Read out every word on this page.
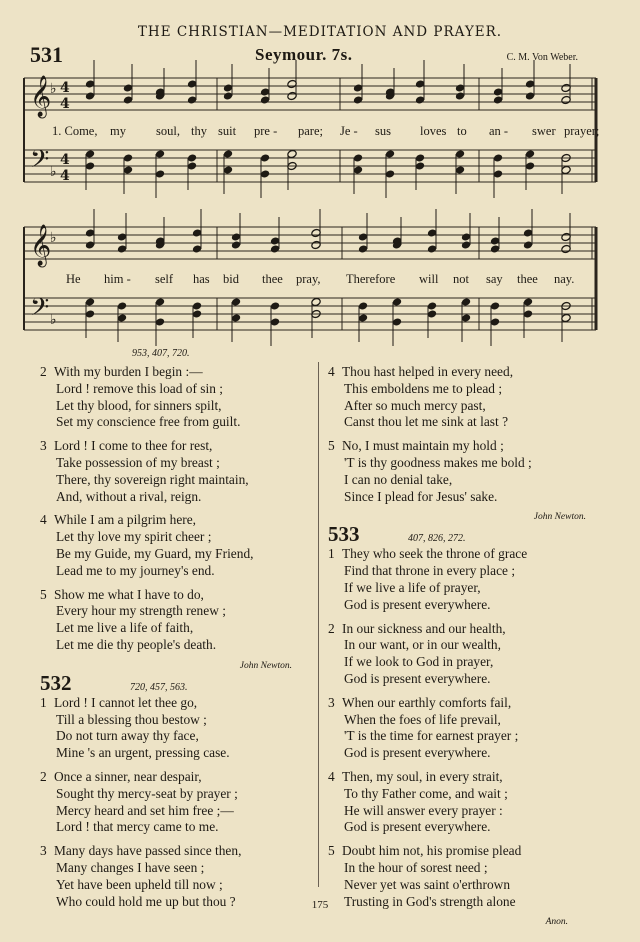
THE CHRISTIAN—MEDITATION AND PRAYER.
531	Seymour. 7s.	C. M. Von Weber.
𝄞
𝄢
♭
♭
𝄞
𝄢
♭
♭
4
4
4
4
1. Come, my soul, thy suit pre - pare; Je - sus loves to an - swer prayer;
He him - self has bid thee pray, Therefore will not say thee nay.
953, 407, 720.
2 With my burden I begin :—
Lord ! remove this load of sin ;
Let thy blood, for sinners spilt,
Set my conscience free from guilt.
3 Lord ! I come to thee for rest,
Take possession of my breast ;
There, thy sovereign right maintain,
And, without a rival, reign.
4 While I am a pilgrim here,
Let thy love my spirit cheer ;
Be my Guide, my Guard, my Friend,
Lead me to my journey's end.
5 Show me what I have to do,
Every hour my strength renew ;
Let me live a life of faith,
Let me die thy people's death.
John Newton.
532	720, 457, 563.
1 Lord ! I cannot let thee go,
Till a blessing thou bestow ;
Do not turn away thy face,
Mine 's an urgent, pressing case.
2 Once a sinner, near despair,
Sought thy mercy-seat by prayer ;
Mercy heard and set him free ;—
Lord ! that mercy came to me.
3 Many days have passed since then,
Many changes I have seen ;
Yet have been upheld till now ;
Who could hold me up but thou ?
4 Thou hast helped in every need,
This emboldens me to plead ;
After so much mercy past,
Canst thou let me sink at last ?
5 No, I must maintain my hold ;
'T is thy goodness makes me bold ;
I can no denial take,
Since I plead for Jesus' sake.
John Newton.
533	407, 826, 272.
1 They who seek the throne of grace
Find that throne in every place ;
If we live a life of prayer,
God is present everywhere.
2 In our sickness and our health,
In our want, or in our wealth,
If we look to God in prayer,
God is present everywhere.
3 When our earthly comforts fail,
When the foes of life prevail,
'T is the time for earnest prayer ;
God is present everywhere.
4 Then, my soul, in every strait,
To thy Father come, and wait ;
He will answer every prayer :
God is present everywhere.
5 Doubt him not, his promise plead
In the hour of sorest need ;
Never yet was saint o'erthrown
Trusting in God's strength alone
Anon.
175
